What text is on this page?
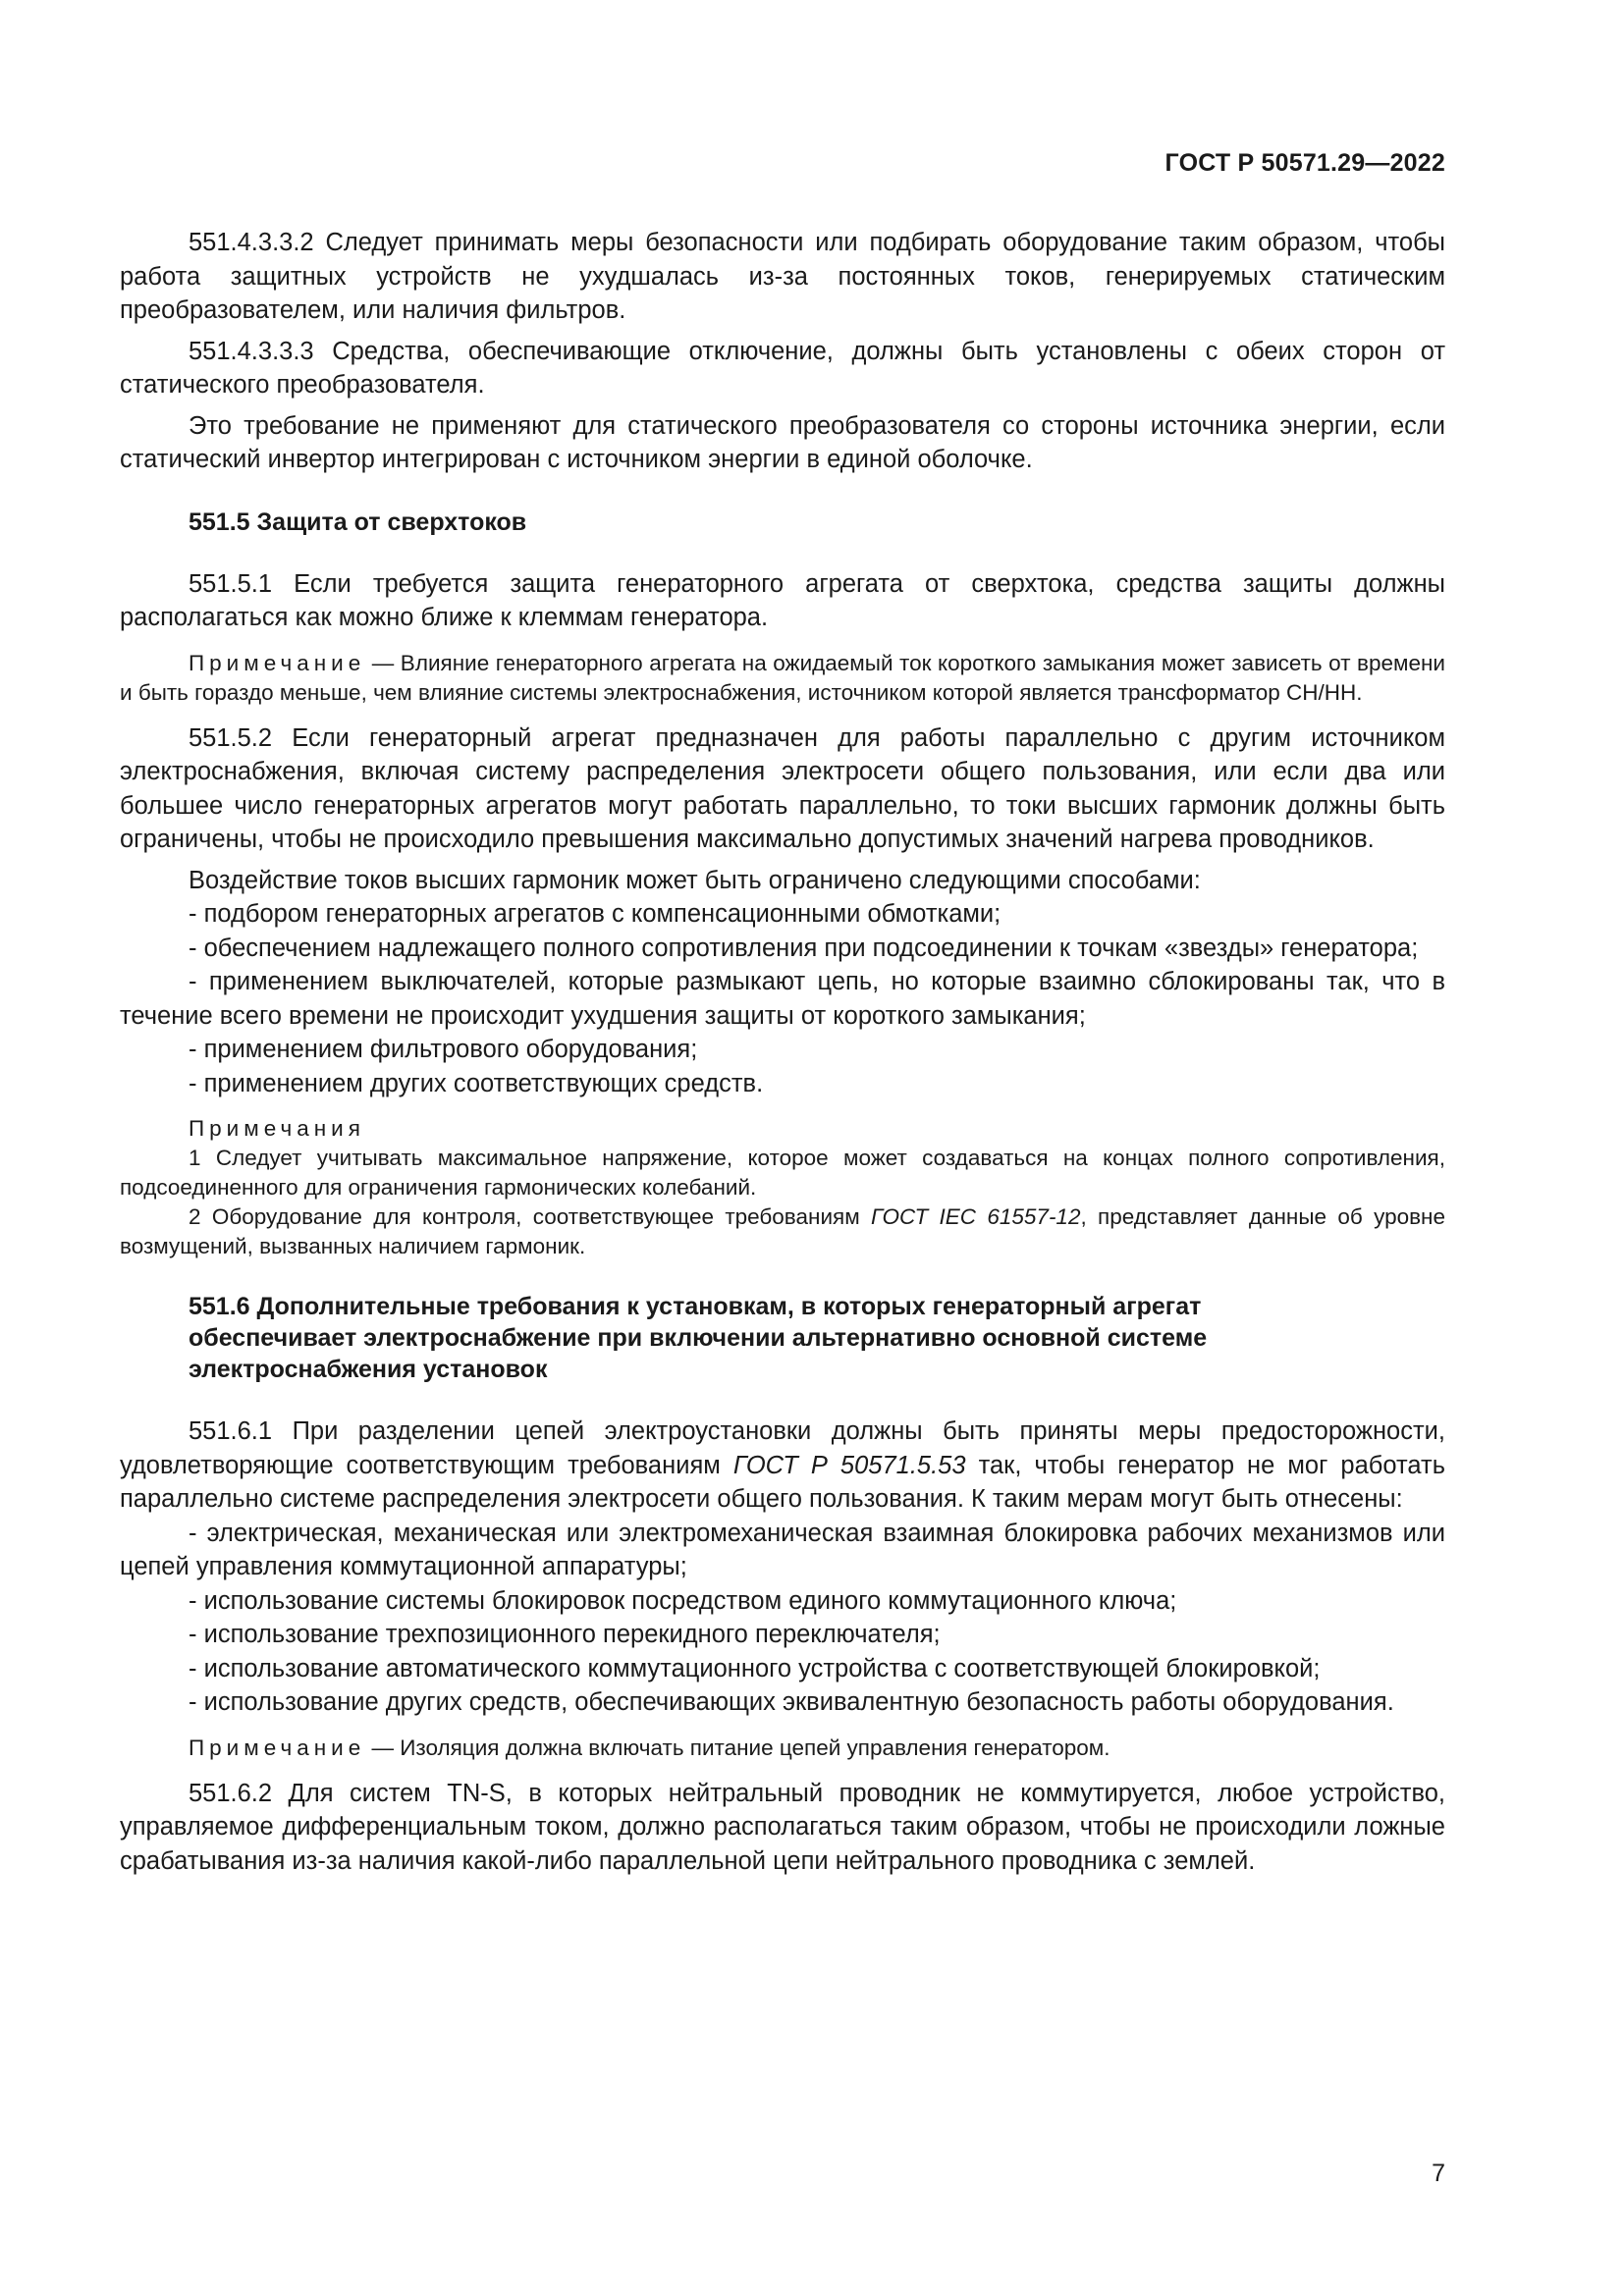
ГОСТ Р 50571.29—2022

551.4.3.3.2 Следует принимать меры безопасности или подбирать оборудование таким образом, чтобы работа защитных устройств не ухудшалась из-за постоянных токов, генерируемых статическим преобразователем, или наличия фильтров.

551.4.3.3.3 Средства, обеспечивающие отключение, должны быть установлены с обеих сторон от статического преобразователя.

Это требование не применяют для статического преобразователя со стороны источника энергии, если статический инвертор интегрирован с источником энергии в единой оболочке.

551.5 Защита от сверхтоков

551.5.1 Если требуется защита генераторного агрегата от сверхтока, средства защиты должны располагаться как можно ближе к клеммам генератора.

Примечание — Влияние генераторного агрегата на ожидаемый ток короткого замыкания может зависеть от времени и быть гораздо меньше, чем влияние системы электроснабжения, источником которой является трансформатор СН/НН.

551.5.2 Если генераторный агрегат предназначен для работы параллельно с другим источником электроснабжения, включая систему распределения электросети общего пользования, или если два или большее число генераторных агрегатов могут работать параллельно, то токи высших гармоник должны быть ограничены, чтобы не происходило превышения максимально допустимых значений нагрева проводников.

Воздействие токов высших гармоник может быть ограничено следующими способами:

- подбором генераторных агрегатов с компенсационными обмотками;

- обеспечением надлежащего полного сопротивления при подсоединении к точкам «звезды» генератора;

- применением выключателей, которые размыкают цепь, но которые взаимно сблокированы так, что в течение всего времени не происходит ухудшения защиты от короткого замыкания;

- применением фильтрового оборудования;

- применением других соответствующих средств.

Примечания

1 Следует учитывать максимальное напряжение, которое может создаваться на концах полного сопротивления, подсоединенного для ограничения гармонических колебаний.

2 Оборудование для контроля, соответствующее требованиям ГОСТ IEC 61557-12, представляет данные об уровне возмущений, вызванных наличием гармоник.

551.6 Дополнительные требования к установкам, в которых генераторный агрегат
обеспечивает электроснабжение при включении альтернативно основной системе
электроснабжения установок

551.6.1 При разделении цепей электроустановки должны быть приняты меры предосторожности, удовлетворяющие соответствующим требованиям ГОСТ Р 50571.5.53 так, чтобы генератор не мог работать параллельно системе распределения электросети общего пользования. К таким мерам могут быть отнесены:

- электрическая, механическая или электромеханическая взаимная блокировка рабочих механизмов или цепей управления коммутационной аппаратуры;

- использование системы блокировок посредством единого коммутационного ключа;

- использование трехпозиционного перекидного переключателя;

- использование автоматического коммутационного устройства с соответствующей блокировкой;

- использование других средств, обеспечивающих эквивалентную безопасность работы оборудования.

Примечание — Изоляция должна включать питание цепей управления генератором.

551.6.2 Для систем TN-S, в которых нейтральный проводник не коммутируется, любое устройство, управляемое дифференциальным током, должно располагаться таким образом, чтобы не происходили ложные срабатывания из-за наличия какой-либо параллельной цепи нейтрального проводника с землей.

7
